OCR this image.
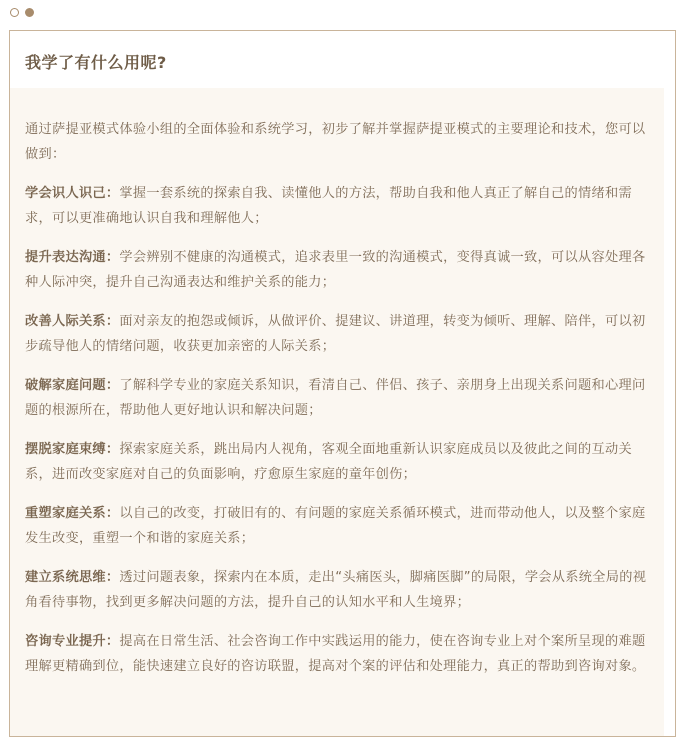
我学了有什么用呢?

通过萨提亚模式体验小组的全面体验和系统学习，初步了解并掌握萨提亚模式的主要理论和技术，您可以做到：

学会识人识己：掌握一套系统的探索自我、读懂他人的方法，帮助自我和他人真正了解自己的情绪和需求，可以更准确地认识自我和理解他人；

提升表达沟通：学会辨别不健康的沟通模式，追求表里一致的沟通模式，变得真诚一致，可以从容处理各种人际冲突，提升自己沟通表达和维护关系的能力；

改善人际关系：面对亲友的抱怨或倾诉，从做评价、提建议、讲道理，转变为倾听、理解、陪伴，可以初步疏导他人的情绪问题，收获更加亲密的人际关系；

破解家庭问题：了解科学专业的家庭关系知识，看清自己、伴侣、孩子、亲朋身上出现关系问题和心理问题的根源所在，帮助他人更好地认识和解决问题；

摆脱家庭束缚：探索家庭关系，跳出局内人视角，客观全面地重新认识家庭成员以及彼此之间的互动关系，进而改变家庭对自己的负面影响，疗愈原生家庭的童年创伤；

重塑家庭关系：以自己的改变，打破旧有的、有问题的家庭关系循环模式，进而带动他人，以及整个家庭发生改变，重塑一个和谐的家庭关系；

建立系统思维：透过问题表象，探索内在本质，走出“头痛医头，脚痛医脚”的局限，学会从系统全局的视角看待事物，找到更多解决问题的方法，提升自己的认知水平和人生境界；

咨询专业提升：提高在日常生活、社会咨询工作中实践运用的能力，使在咨询专业上对个案所呈现的难题理解更精确到位，能快速建立良好的咨访联盟，提高对个案的评估和处理能力，真正的帮助到咨询对象。
